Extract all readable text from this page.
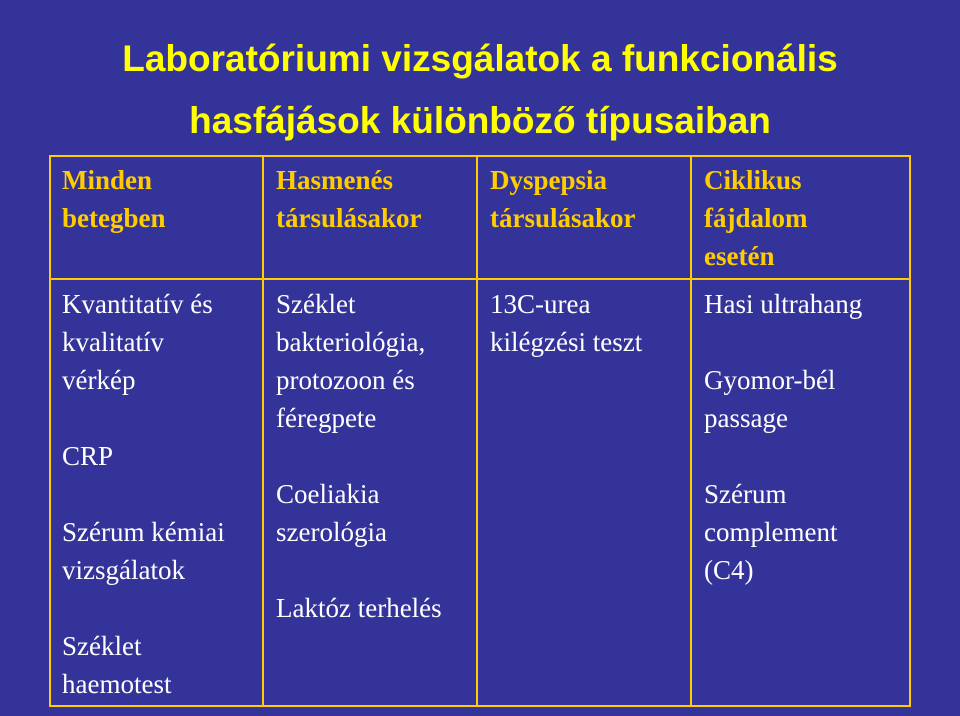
Laboratóriumi vizsgálatok a funkcionális
hasfájások különböző típusaiban
Minden
betegben
Hasmenés
társulásakor
Dyspepsia
társulásakor
Ciklikus
fájdalom
esetén

Kvantitatív és
kvalitatív
vérkép

CRP

Szérum kémiai
vizsgálatok

Széklet
haemotest

Széklet
bakteriológia,
protozoon és
féregpete

Coeliakia
szerológia

Laktóz terhelés

13C-urea
kilégzési teszt

Hasi ultrahang

Gyomor-bél
passage

Szérum
complement
(C4)
